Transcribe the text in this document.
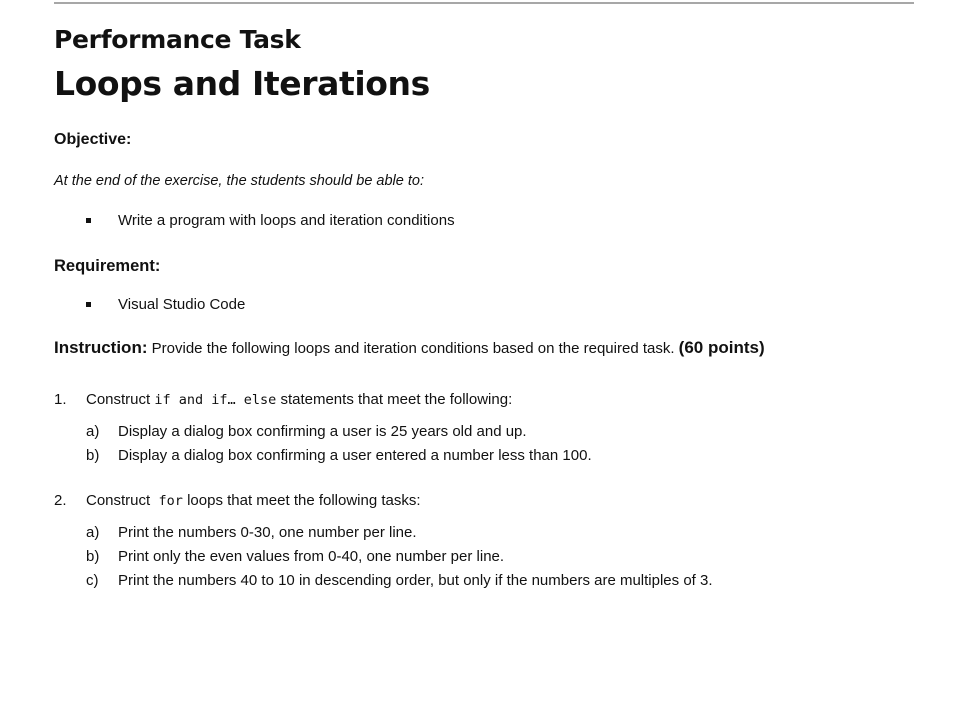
Performance Task
Loops and Iterations
Objective:
At the end of the exercise, the students should be able to:
Write a program with loops and iteration conditions
Requirement:
Visual Studio Code
Instruction: Provide the following loops and iteration conditions based on the required task. (60 points)
1. Construct if and if… else statements that meet the following:
a) Display a dialog box confirming a user is 25 years old and up.
b) Display a dialog box confirming a user entered a number less than 100.
2. Construct  for loops that meet the following tasks:
a) Print the numbers 0-30, one number per line.
b) Print only the even values from 0-40, one number per line.
c) Print the numbers 40 to 10 in descending order, but only if the numbers are multiples of 3.
